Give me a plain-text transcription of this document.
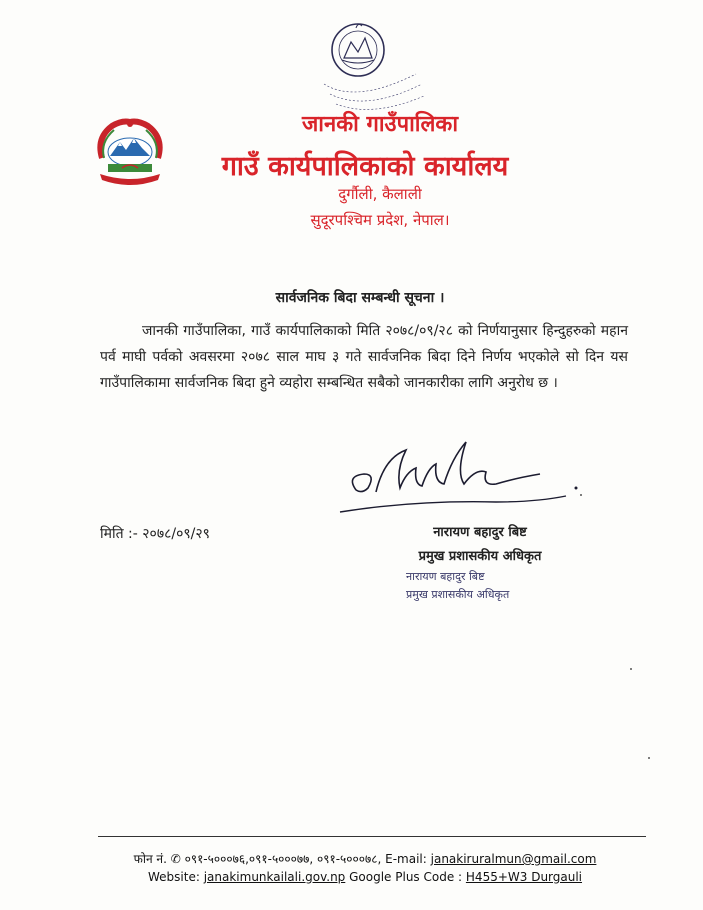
जानकी गाउँपालिका
गाउँ कार्यपालिकाको कार्यालय
दुर्गौली, कैलाली
सुदूरपश्चिम प्रदेश, नेपाल।
सार्वजनिक बिदा सम्बन्धी सूचना ।
जानकी गाउँपालिका, गाउँ कार्यपालिकाको मिति २०७८/०९/२८ को निर्णयानुसार हिन्दुहरुको महान पर्व माघी पर्वको अवसरमा २०७८ साल माघ ३ गते सार्वजनिक बिदा दिने निर्णय भएकोले सो दिन यस गाउँपालिकामा सार्वजनिक बिदा हुने व्यहोरा सम्बन्धित सबैको जानकारीका लागि अनुरोध छ ।
मिति :- २०७८/०९/२९	नारायण बहादुर बिष्ट
प्रमुख प्रशासकीय अधिकृत
नारायण बहादुर बिष्ट
प्रमुख प्रशासकीय अधिकृत
फोन नं. ✆ ०९१-५०००७६,०९१-५०००७७, ०९१-५०००७८, E-mail: janakiruralmun@gmail.com
Website: janakimunkailali.gov.np Google Plus Code : H455+W3 Durgauli
